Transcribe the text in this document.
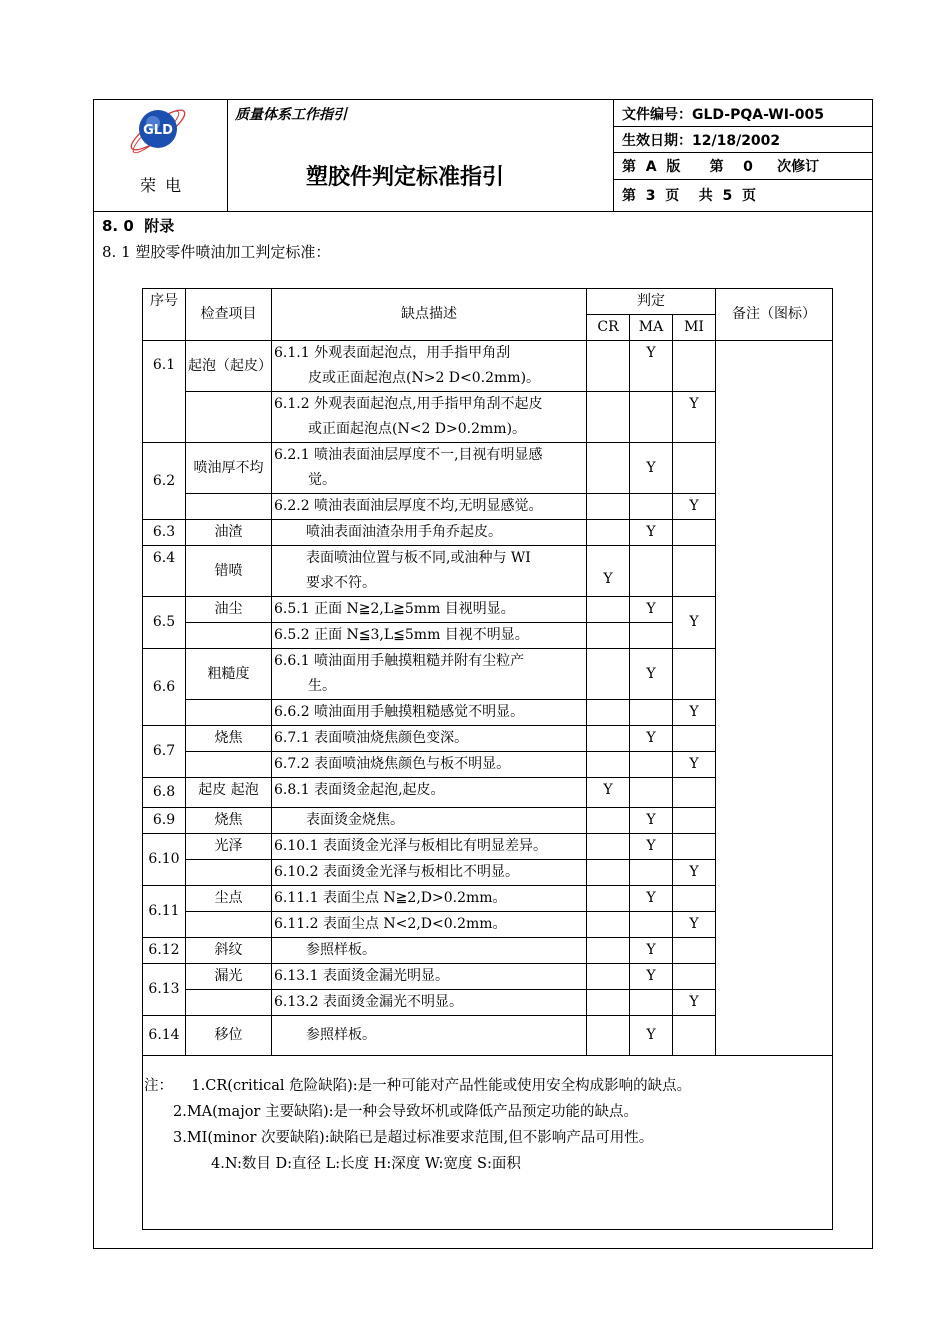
GLD
荣 电
质量体系工作指引
塑胶件判定标准指引
文件编号：GLD-PQA-WI-005
生效日期：12/18/2002
第  A  版      第    0     次修订
第  3  页    共  5  页
8. 0  附录
8. 1 塑胶零件喷油加工判定标准：
序号	检查项目	缺点描述	判定			备注（图标）
			CR	MA	MI	
6.1	起泡（起皮）	6.1.1 外观表面起泡点，用手指甲角刮
皮或正面起泡点(N>2 D<0.2mm)。		Y		

		6.1.2 外观表面起泡点,用手指甲角刮不起皮
或正面起泡点(N<2 D>0.2mm)。			Y	
6.2	喷油厚不均	6.2.1 喷油表面油层厚度不一,目视有明显感
觉。		Y		
		6.2.2 喷油表面油层厚度不均,无明显感觉。			Y	
6.3	油渣	喷油表面油渣杂用手角乔起皮。		Y		
6.4	错喷	表面喷油位置与板不同,或油种与 WI
要求不符。	Y			
6.5	油尘	6.5.1 正面 N≧2,L≧5mm 目视明显。		Y	Y	
		6.5.2 正面 N≦3,L≦5mm 目视不明显。				
6.6	粗糙度	6.6.1 喷油面用手触摸粗糙并附有尘粒产
生。		Y		
		6.6.2 喷油面用手触摸粗糙感觉不明显。			Y	
6.7	烧焦	6.7.1 表面喷油烧焦颜色变深。		Y		
		6.7.2 表面喷油烧焦颜色与板不明显。			Y	
6.8	起皮 起泡	6.8.1 表面烫金起泡,起皮。	Y			
6.9	烧焦	表面烫金烧焦。		Y		
6.10	光泽	6.10.1 表面烫金光泽与板相比有明显差异。		Y		
		6.10.2 表面烫金光泽与板相比不明显。			Y	
6.11	尘点	6.11.1 表面尘点 N≧2,D>0.2mm。		Y		
		6.11.2 表面尘点 N<2,D<0.2mm。			Y	
6.12	斜纹	参照样板。		Y		
6.13	漏光	6.13.1 表面烫金漏光明显。		Y		
		6.13.2 表面烫金漏光不明显。			Y	
6.14	移位	参照样板。		Y		

注：    1.CR(critical 危险缺陷):是一种可能对产品性能或使用安全构成影响的缺点。
2.MA(major 主要缺陷):是一种会导致坏机或降低产品预定功能的缺点。
3.MI(minor 次要缺陷):缺陷已是超过标准要求范围,但不影响产品可用性。
4.N:数目 D:直径 L:长度 H:深度 W:宽度 S:面积
